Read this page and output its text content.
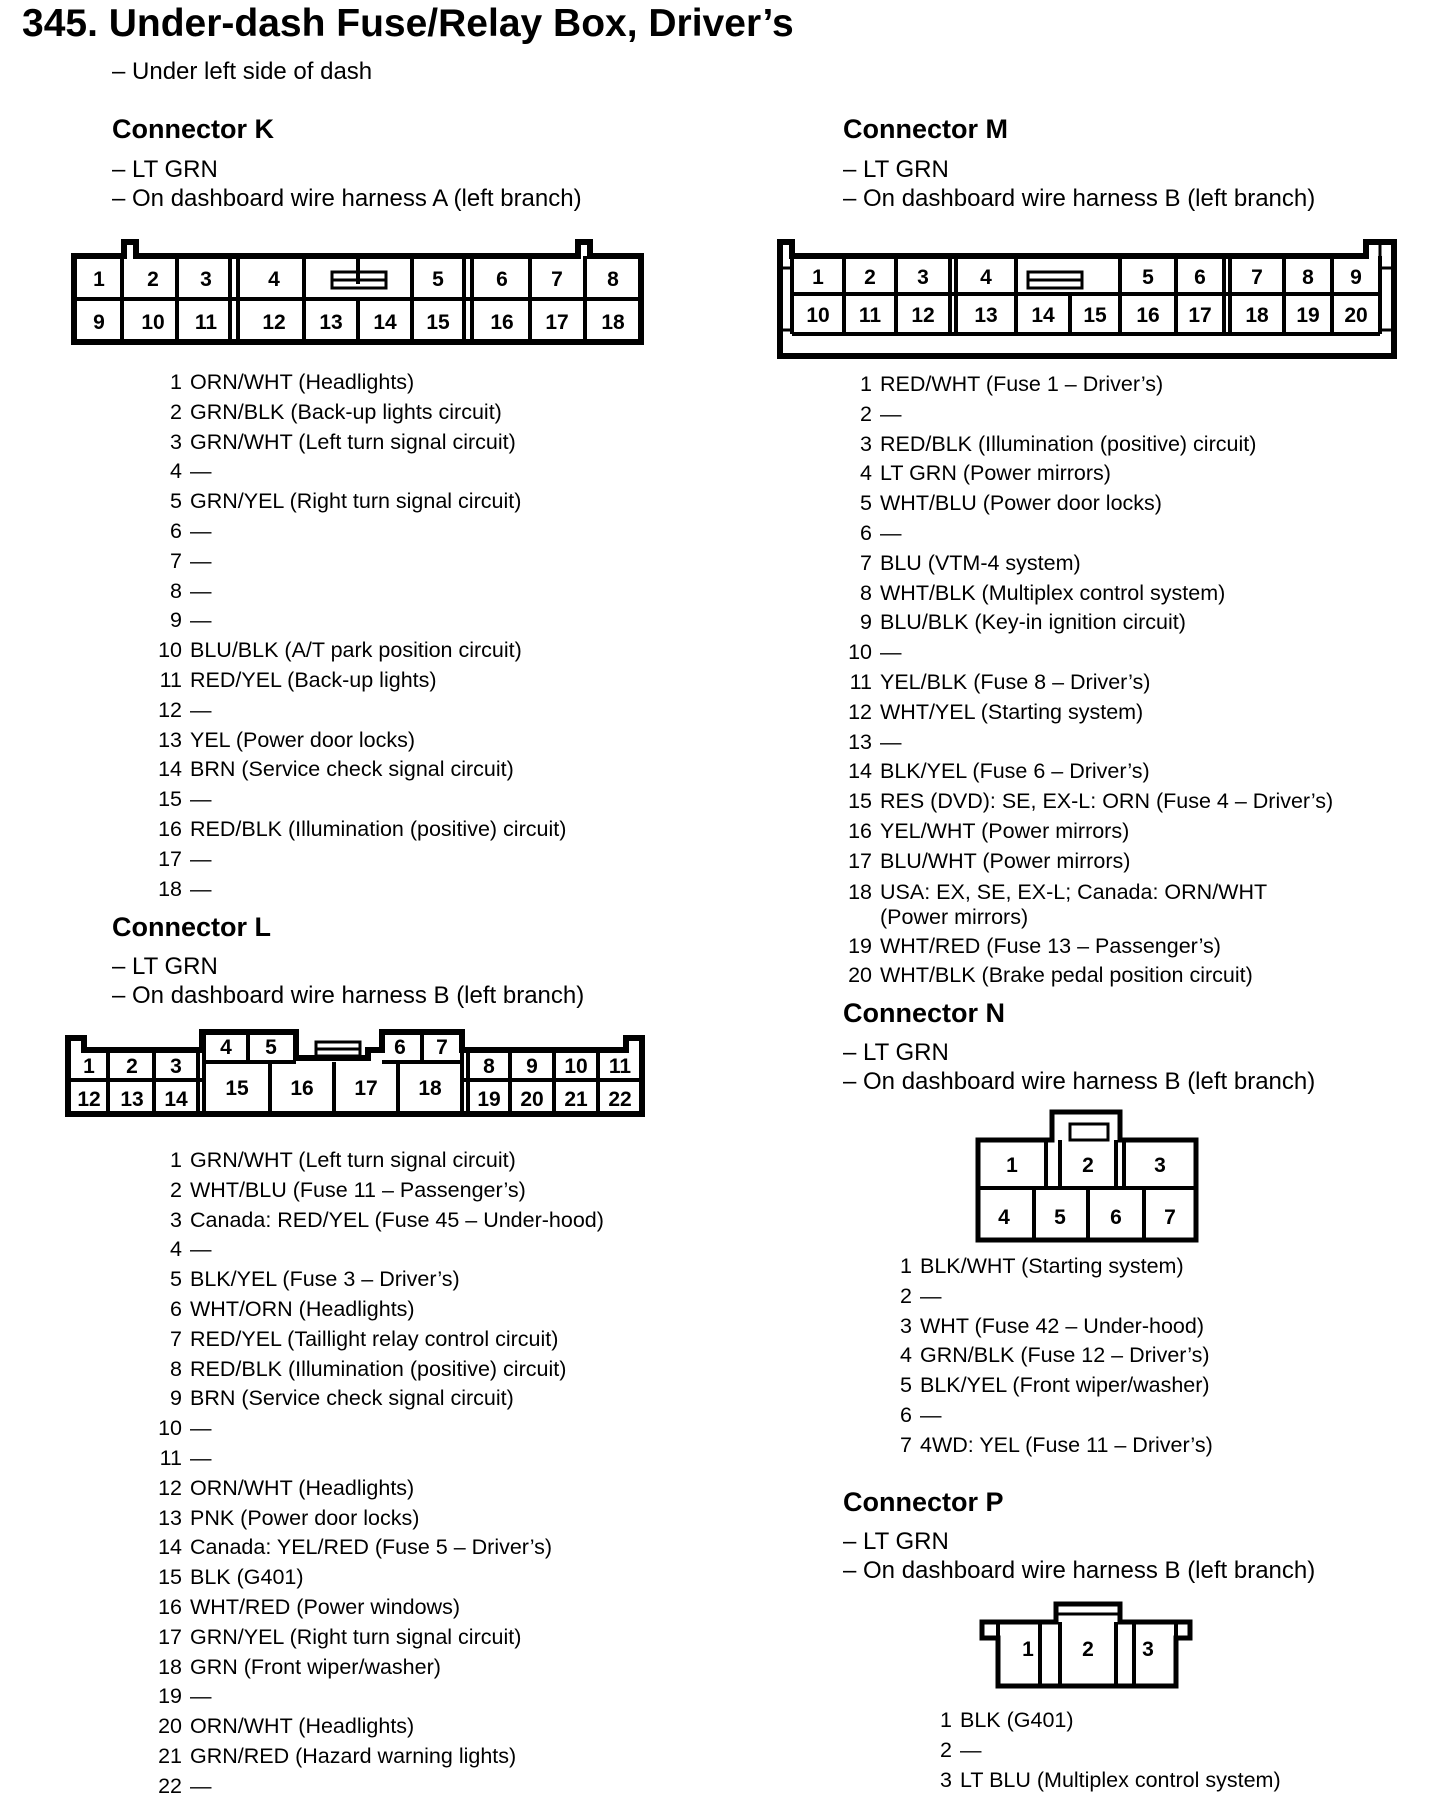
345. Under-dash Fuse/Relay Box, Driver’s
– Under left side of dash
Connector K
– LT GRN
– On dashboard wire harness A (left branch)
1 2 3	4	5 6 7 8
9 10 11 12 13 14 15 16 17 18
1 ORN/WHT (Headlights)
2 GRN/BLK (Back-up lights circuit)
3 GRN/WHT (Left turn signal circuit)
4 —
5 GRN/YEL (Right turn signal circuit)
6 —
7 —
8 —
9 —
10 BLU/BLK (A/T park position circuit)
11 RED/YEL (Back-up lights)
12 —
13 YEL (Power door locks)
14 BRN (Service check signal circuit)
15 —
16 RED/BLK (Illumination (positive) circuit)
17 —
18 —
Connector L
– LT GRN
– On dashboard wire harness B (left branch)
1 2 3
4 5	6 7
8 9 10 11
12 13 14 15 16 17 18 19 20 21 22
1 GRN/WHT (Left turn signal circuit)
2 WHT/BLU (Fuse 11 – Passenger’s)
3 Canada: RED/YEL (Fuse 45 – Under-hood)
4 —
5 BLK/YEL (Fuse 3 – Driver’s)
6 WHT/ORN (Headlights)
7 RED/YEL (Taillight relay control circuit)
8 RED/BLK (Illumination (positive) circuit)
9 BRN (Service check signal circuit)
10 —
11 —
12 ORN/WHT (Headlights)
13 PNK (Power door locks)
14 Canada: YEL/RED (Fuse 5 – Driver’s)
15 BLK (G401)
16 WHT/RED (Power windows)
17 GRN/YEL (Right turn signal circuit)
18 GRN (Front wiper/washer)
19 —
20 ORN/WHT (Headlights)
21 GRN/RED (Hazard warning lights)
22 —
Connector M
– LT GRN
– On dashboard wire harness B (left branch)
1 2 3 4	5 6 7 8 9
10 11 12 13 14 15 16 17 18 19 20
1 RED/WHT (Fuse 1 – Driver’s)
2 —
3 RED/BLK (Illumination (positive) circuit)
4 LT GRN (Power mirrors)
5 WHT/BLU (Power door locks)
6 —
7 BLU (VTM-4 system)
8 WHT/BLK (Multiplex control system)
9 BLU/BLK (Key-in ignition circuit)
10 —
11 YEL/BLK (Fuse 8 – Driver’s)
12 WHT/YEL (Starting system)
13 —
14 BLK/YEL (Fuse 6 – Driver’s)
15 RES (DVD): SE, EX-L: ORN (Fuse 4 – Driver’s)
16 YEL/WHT (Power mirrors)
17 BLU/WHT (Power mirrors)
18 USA: EX, SE, EX-L; Canada: ORN/WHT
(Power mirrors)
19 WHT/RED (Fuse 13 – Passenger’s)
20 WHT/BLK (Brake pedal position circuit)
Connector N
– LT GRN
– On dashboard wire harness B (left branch)
1	2	3
4 5 6 7
1 BLK/WHT (Starting system)
2 —
3 WHT (Fuse 42 – Under-hood)
4 GRN/BLK (Fuse 12 – Driver’s)
5 BLK/YEL (Front wiper/washer)
6 —
7 4WD: YEL (Fuse 11 – Driver’s)
Connector P
– LT GRN
– On dashboard wire harness B (left branch)
1 2 3
1 BLK (G401)
2 —
3 LT BLU (Multiplex control system)
